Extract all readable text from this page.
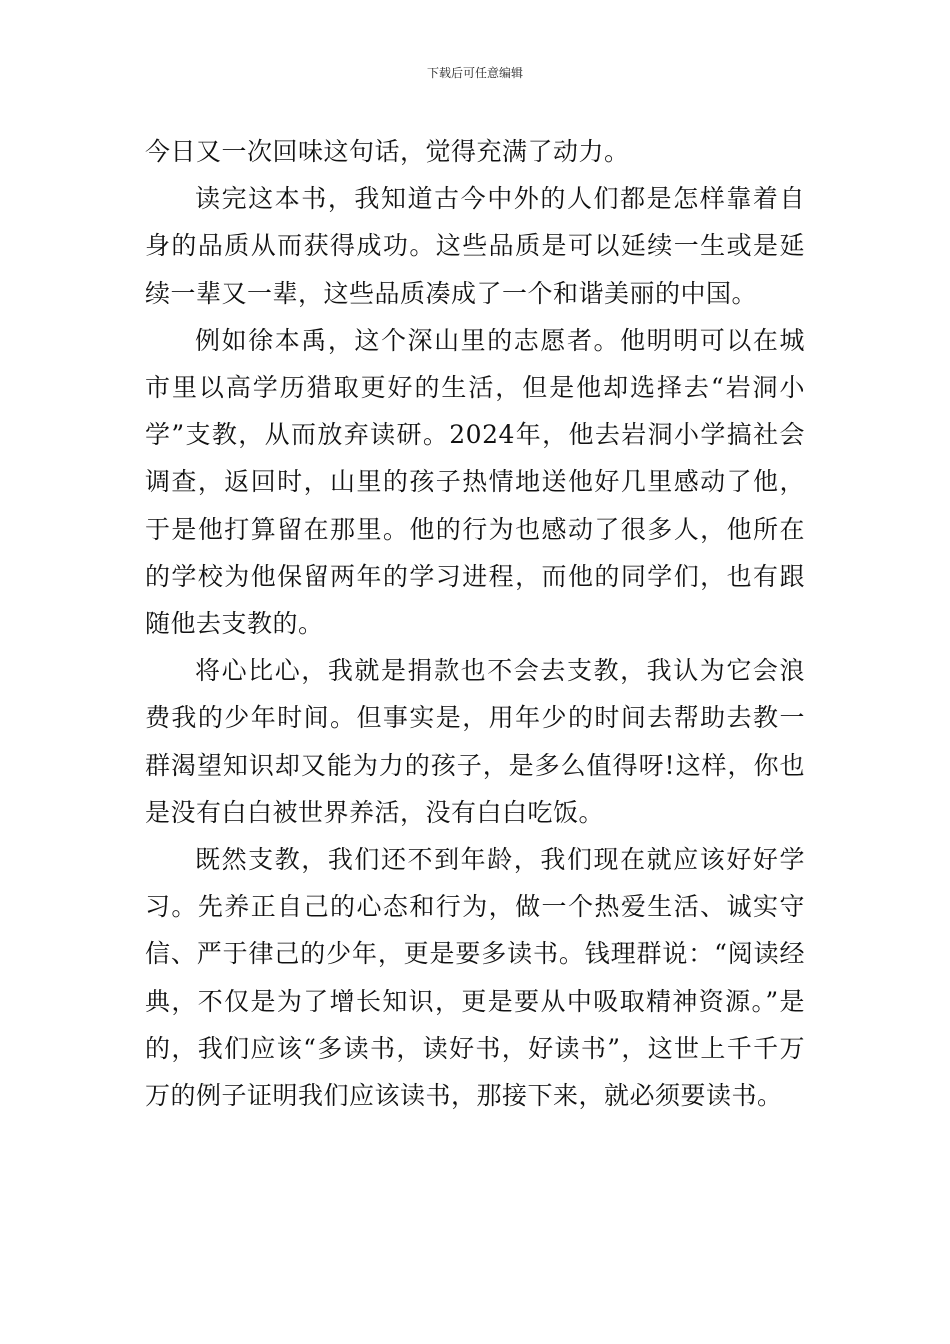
下载后可任意编辑

今日又一次回味这句话，觉得充满了动力。

读完这本书，我知道古今中外的人们都是怎样靠着自身的品质从而获得成功。这些品质是可以延续一生或是延续一辈又一辈，这些品质凑成了一个和谐美丽的中国。

例如徐本禹，这个深山里的志愿者。他明明可以在城市里以高学历猎取更好的生活，但是他却选择去“岩洞小学”支教，从而放弃读研。2024年，他去岩洞小学搞社会调查，返回时，山里的孩子热情地送他好几里感动了他，于是他打算留在那里。他的行为也感动了很多人，他所在的学校为他保留两年的学习进程，而他的同学们，也有跟随他去支教的。

将心比心，我就是捐款也不会去支教，我认为它会浪费我的少年时间。但事实是，用年少的时间去帮助去教一群渴望知识却又能为力的孩子，是多么值得呀!这样，你也是没有白白被世界养活，没有白白吃饭。

既然支教，我们还不到年龄，我们现在就应该好好学习。先养正自己的心态和行为，做一个热爱生活、诚实守信、严于律己的少年，更是要多读书。钱理群说：“阅读经典，不仅是为了增长知识，更是要从中吸取精神资源。”是的，我们应该“多读书，读好书，好读书”，这世上千千万万的例子证明我们应该读书，那接下来，就必须要读书。
